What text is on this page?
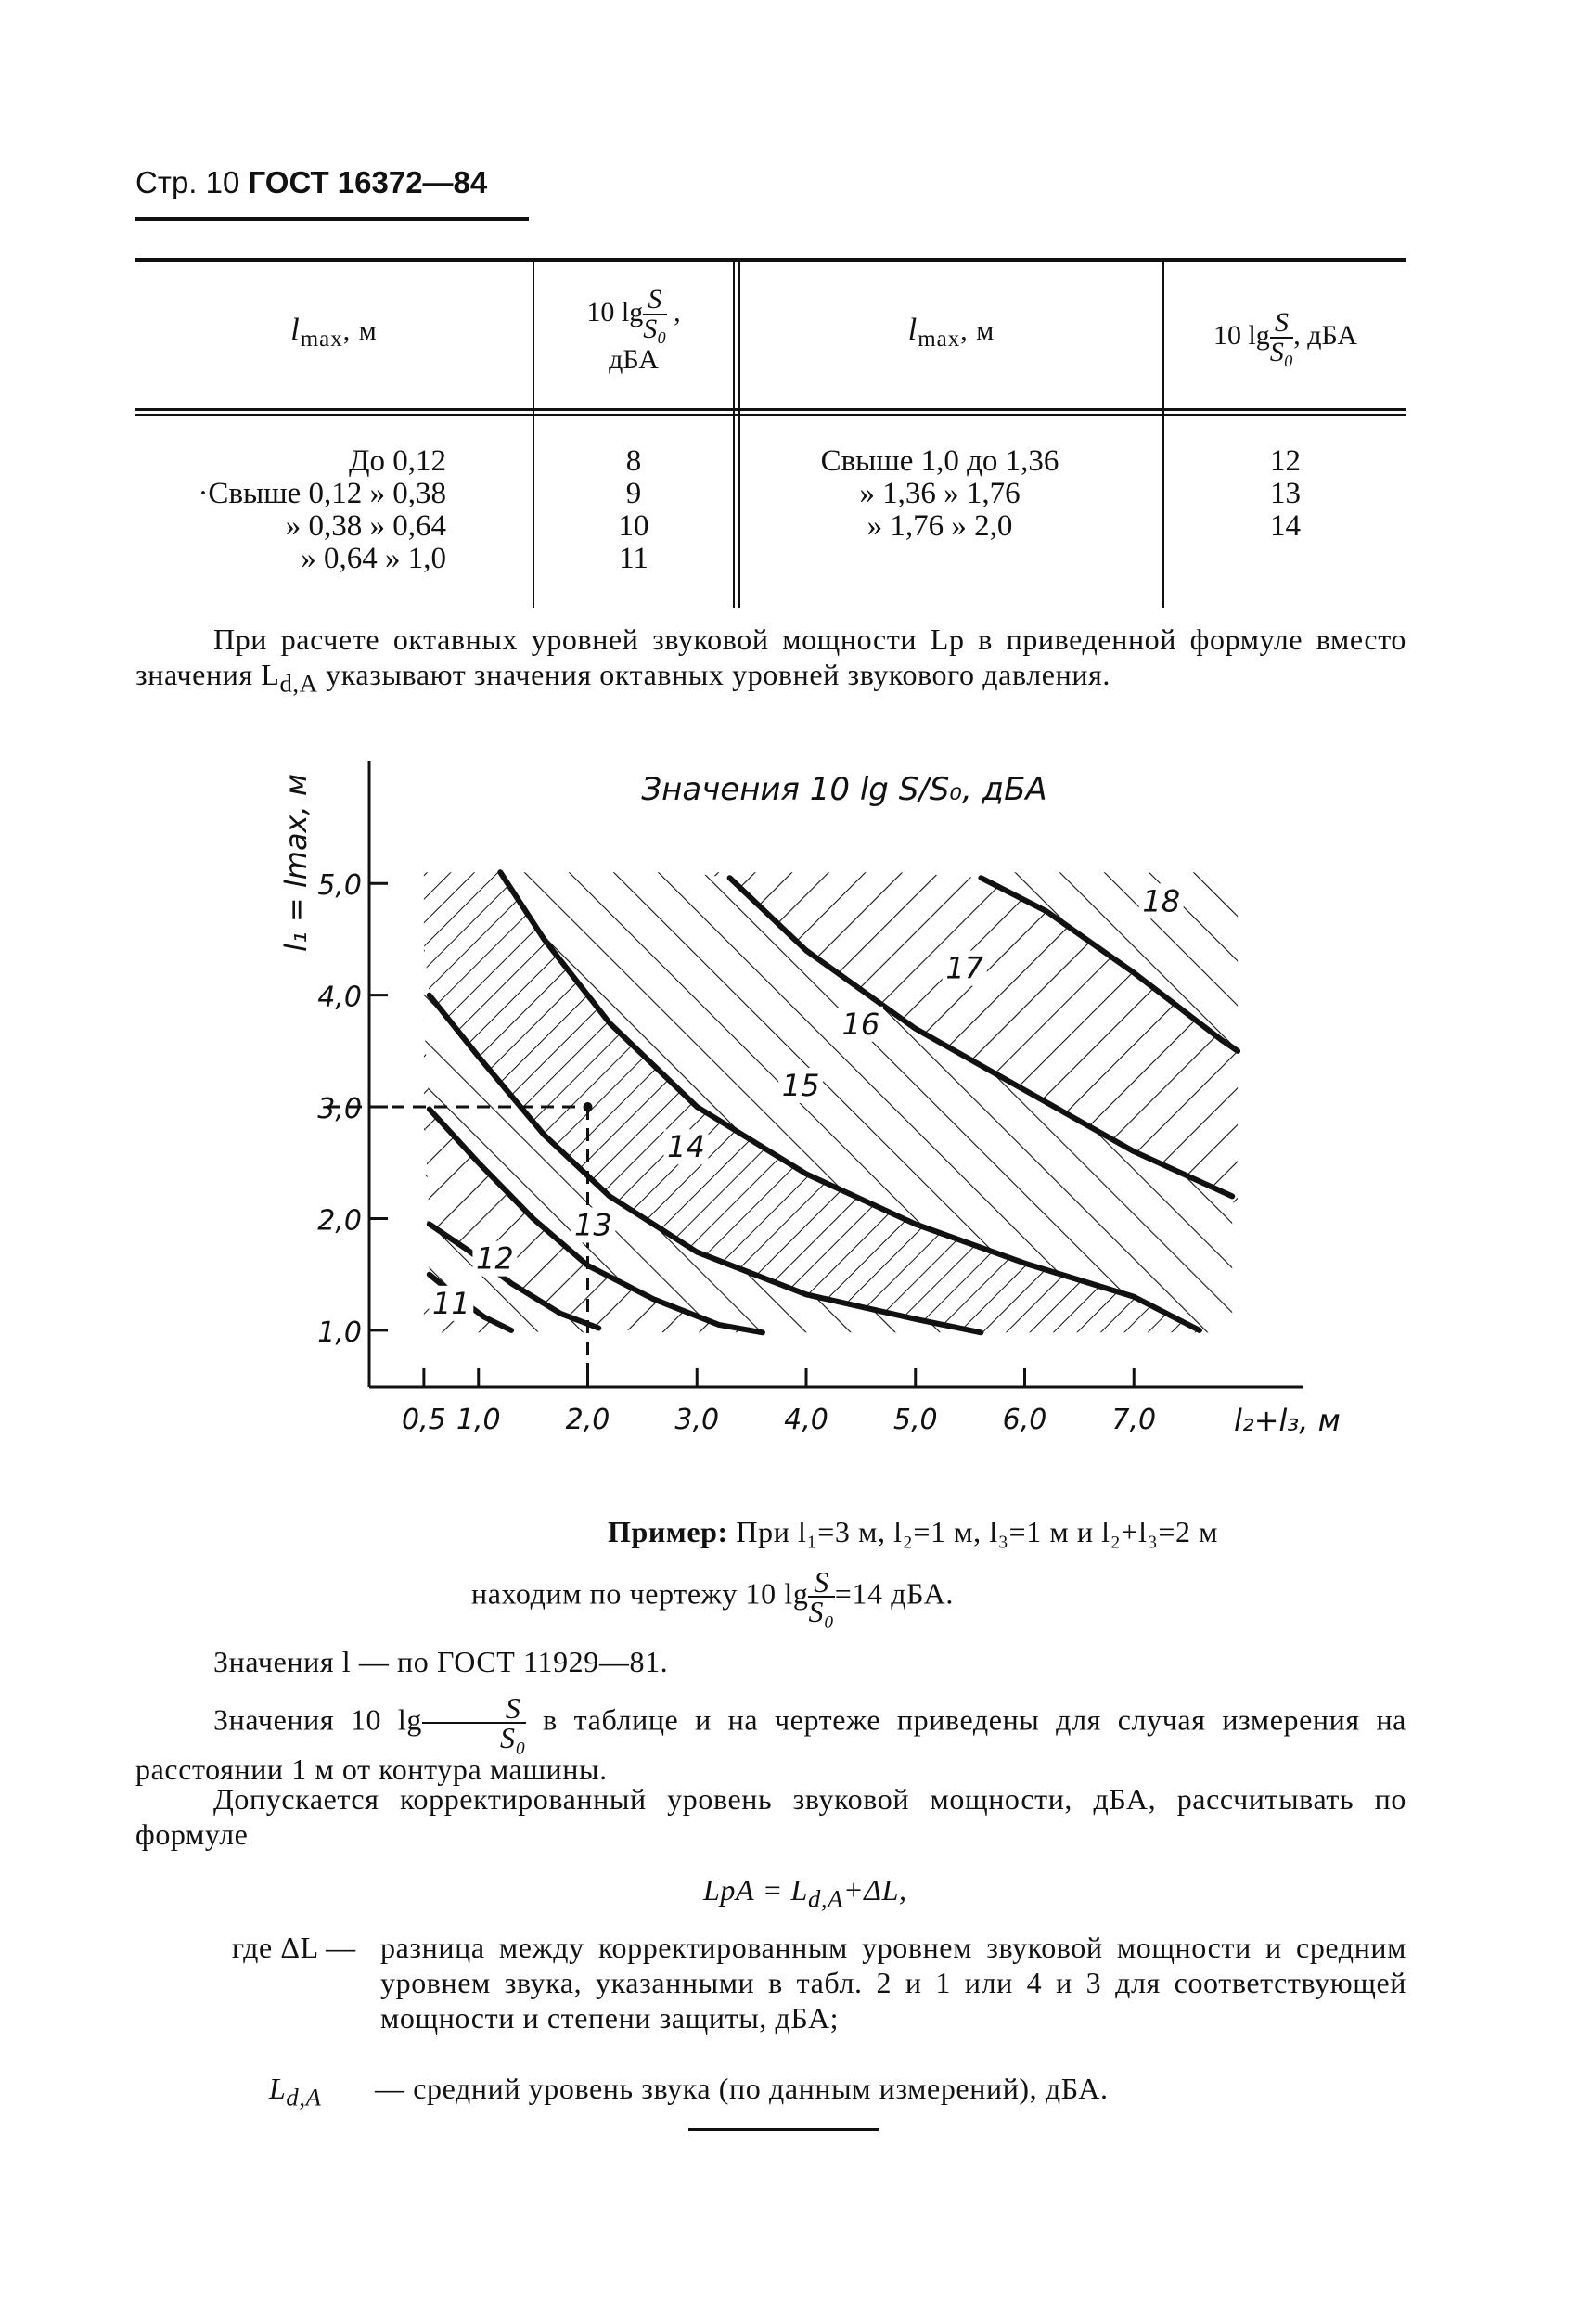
Стр. 10 ГОСТ 16372—84
$l_{max}$, м
10 $\lg \frac{S}{\text{S₀}}$ ,
дБА
$l_{max}$, м	10 $\lg \frac{S}{\text{S₀}}$ , дБА
До 0,12
·Свыше 0,12 » 0,38
» 0,38 » 0,64
» 0,64 » 1,0
8
9
10
11
Свыше 1,0 до 1,36
» 1,36 » 1,76
» 1,76 » 2,0
12
13
14
При расчете октавных уровней звуковой мощности Lр в приведенной формуле вместо значения $L_{d,A}$ указывают значения октавных уровней звукового давления.
1,0
2,0
3,0
4,0
5,0
0,5 1,0 2,0 3,0 4,0 5,0 6,0 7,0
11
12
13
14
15
16
17
18
Значения 10 lg S/S₀, дБА
l₁ = lmax, м
l₂+l₃, м
Пример: При l₁=3 м, l₂=1 м, l₃=1 м и l₂+l₃=2 м
находим по чертежу 10 $\lg \frac{S}{\text{S₀}} =14$ дБА.
Значения l — по ГОСТ 11929—81.
Значения 10 $\lg \frac{S}{\text{S₀}}$ в таблице и на чертеже приведены для случая измерения на расстоянии 1 м от контура машины.
Допускается корректированный уровень звуковой мощности, дБА, рассчитывать по формуле
LрА = $L_{d,A}+\Delta L$,
где ΔL — разница между корректированным уровнем звуковой мощности и средним уровнем звука, указанными в табл. 2 и 1 или 4 и 3 для соответствующей мощности и степени защиты, дБА;
$L_{d,A}$	— средний уровень звука (по данным измерений), дБА.
